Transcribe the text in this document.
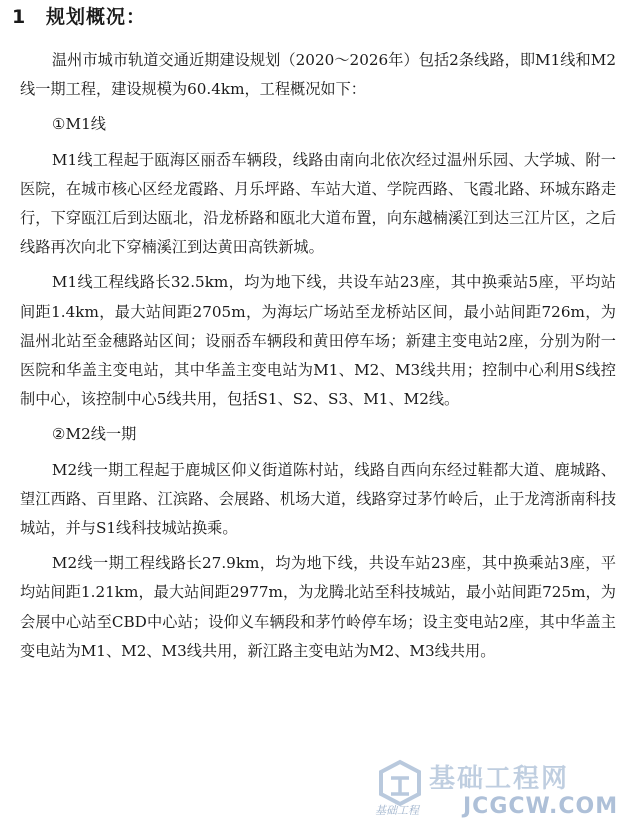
1 规划概况：

温州市城市轨道交通近期建设规划（2020～2026年）包括2条线路，即M1线和M2线一期工程，建设规模为60.4km，工程概况如下：

①M1线

M1线工程起于瓯海区丽岙车辆段，线路由南向北依次经过温州乐园、大学城、附一医院，在城市核心区经龙霞路、月乐坪路、车站大道、学院西路、飞霞北路、环城东路走行，下穿瓯江后到达瓯北，沿龙桥路和瓯北大道布置，向东越楠溪江到达三江片区，之后线路再次向北下穿楠溪江到达黄田高铁新城。

M1线工程线路长32.5km，均为地下线，共设车站23座，其中换乘站5座，平均站间距1.4km，最大站间距2705m，为海坛广场站至龙桥站区间，最小站间距726m，为温州北站至金穗路站区间；设丽岙车辆段和黄田停车场；新建主变电站2座，分别为附一医院和华盖主变电站，其中华盖主变电站为M1、M2、M3线共用；控制中心利用S线控制中心，该控制中心5线共用，包括S1、S2、S3、M1、M2线。

②M2线一期

M2线一期工程起于鹿城区仰义街道陈村站，线路自西向东经过鞋都大道、鹿城路、望江西路、百里路、江滨路、会展路、机场大道，线路穿过茅竹岭后，止于龙湾浙南科技城站，并与S1线科技城站换乘。

M2线一期工程线路长27.9km，均为地下线，共设车站23座，其中换乘站3座，平均站间距1.21km，最大站间距2977m，为龙腾北站至科技城站，最小站间距725m，为会展中心站至CBD中心站；设仰义车辆段和茅竹岭停车场；设主变电站2座，其中华盖主变电站为M1、M2、M3线共用，新江路主变电站为M2、M3线共用。

基础工程网
基础工程 JCGCW.COM
